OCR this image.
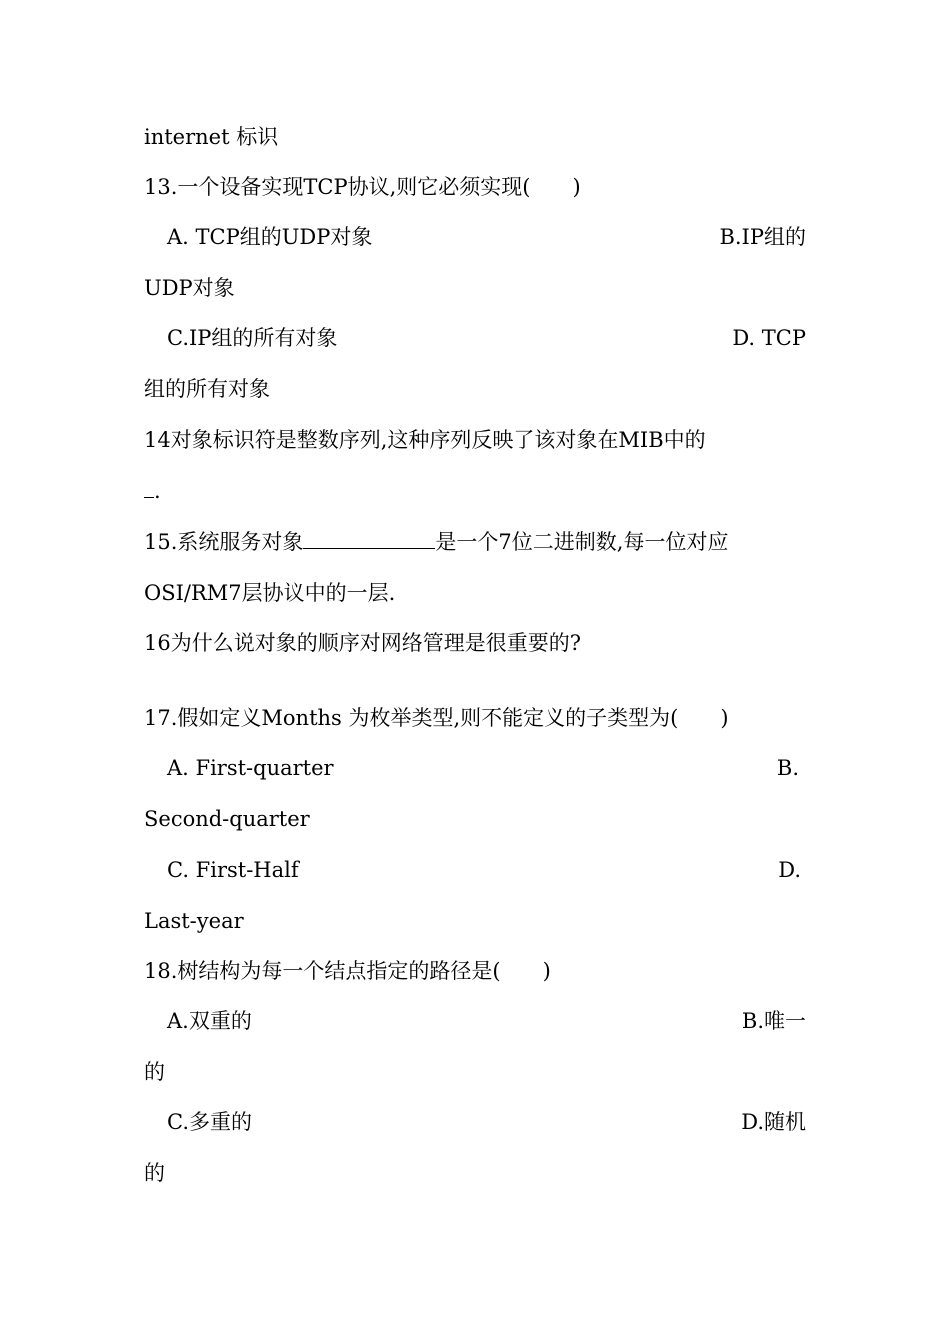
internet 标识
13.一个设备实现TCP协议,则它必须实现(　　)
A. TCP组的UDP对象	B.IP组的
UDP对象
C.IP组的所有对象	D. TCP
组的所有对象
14对象标识符是整数序列,这种序列反映了该对象在MIB中的
.
15.系统服务对象	是一个7位二进制数,每一位对应
OSI/RM7层协议中的一层.
16为什么说对象的顺序对网络管理是很重要的?
17.假如定义Months 为枚举类型,则不能定义的子类型为(　　)
A. First-quarter	B.
Second-quarter
C. First-Half	D.
Last-year
18.树结构为每一个结点指定的路径是(　　)
A.双重的	B.唯一
的
C.多重的	D.随机
的
